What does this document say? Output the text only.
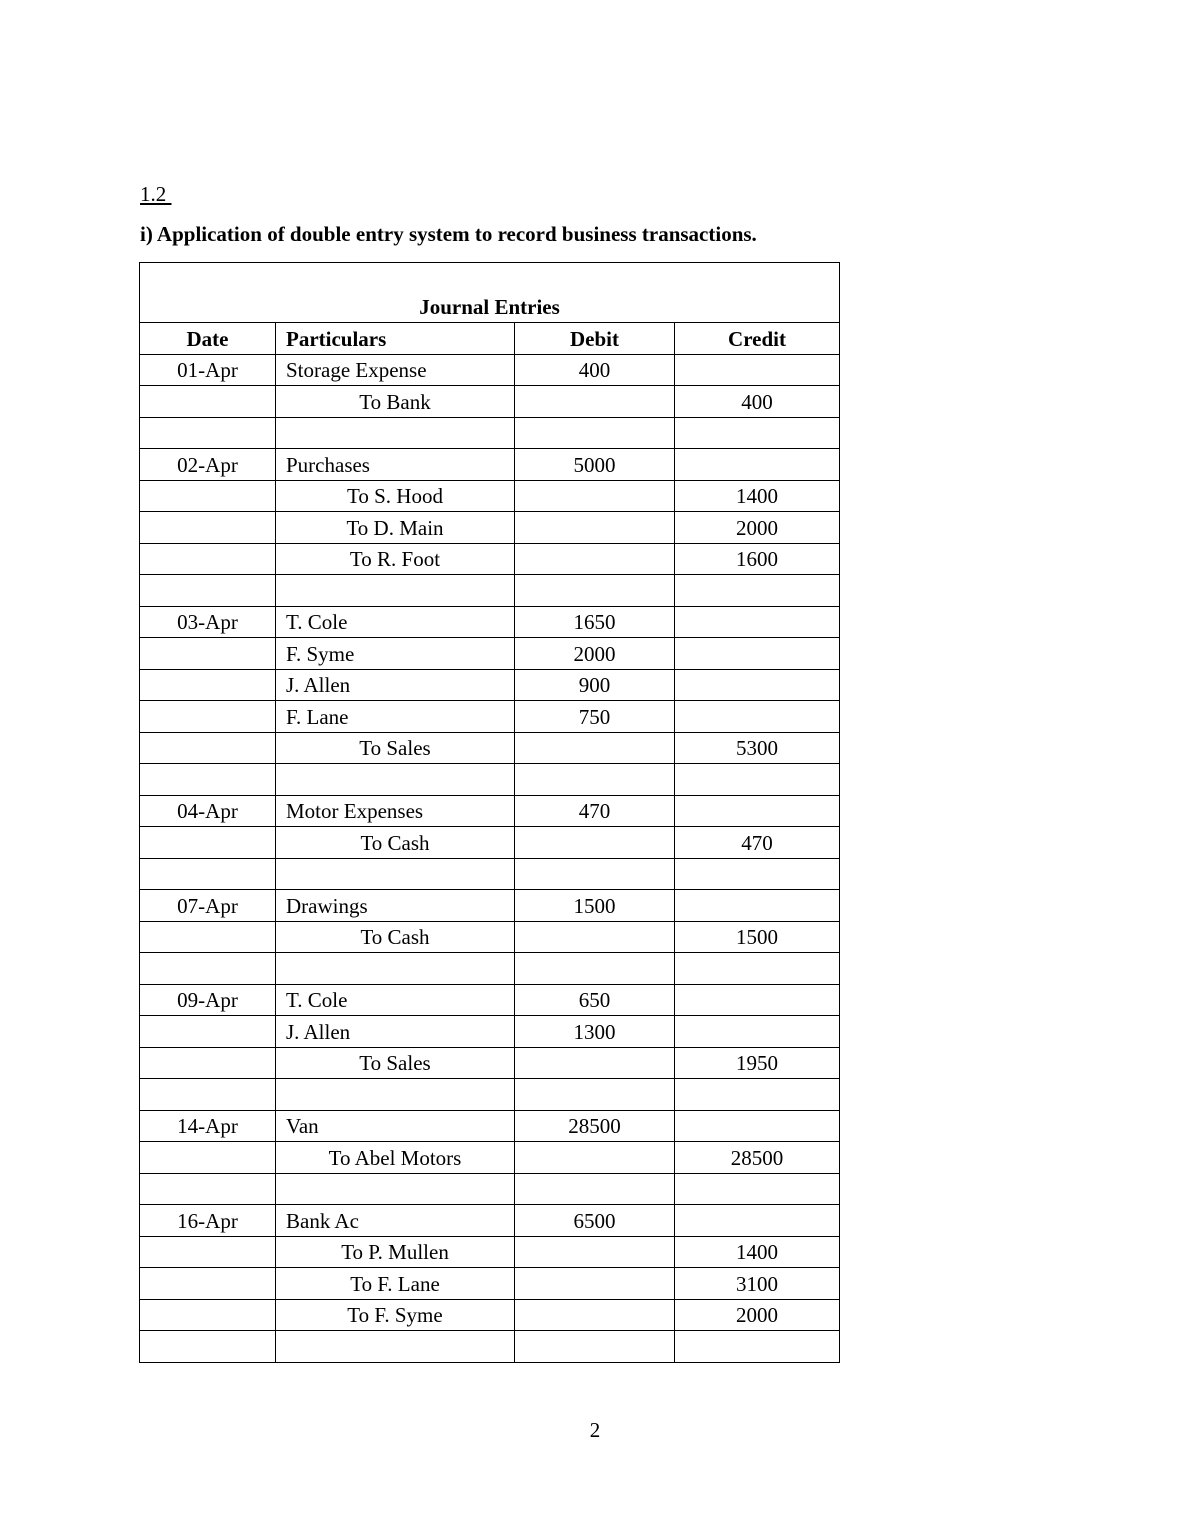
1.2
i) Application of double entry system to record business transactions.
Journal Entries			
Date	Particulars	Debit	Credit
01-Apr	Storage Expense	400	
	To Bank		400

02-Apr	Purchases	5000	
	To S. Hood		1400
	To D. Main		2000
	To R. Foot		1600

03-Apr	T. Cole	1650	
	F. Syme	2000	
	J. Allen	900	
	F. Lane	750	
	To Sales		5300

04-Apr	Motor Expenses	470	
	To Cash		470

07-Apr	Drawings	1500	
	To Cash		1500

09-Apr	T. Cole	650	
	J. Allen	1300	
	To Sales		1950

14-Apr	Van	28500	
	To Abel Motors		28500

16-Apr	Bank Ac	6500	
	To P. Mullen		1400
	To F. Lane		3100
	To F. Syme		2000

2
